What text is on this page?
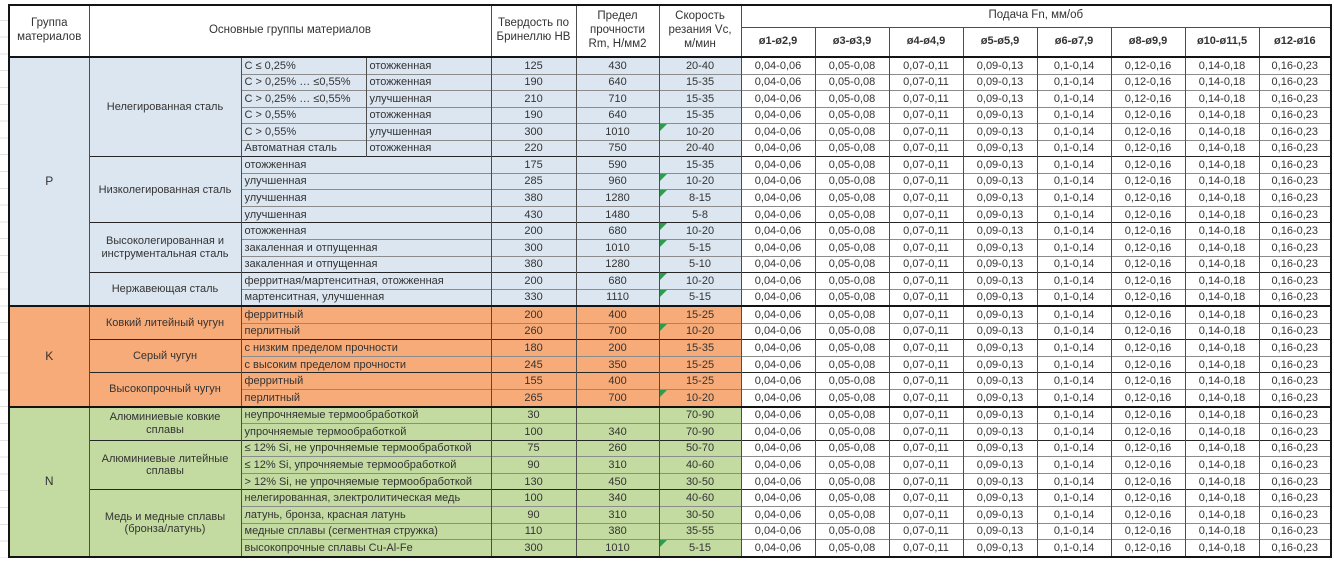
Группа материалов	Основные группы материалов			Твердость по Бринеллю HB	Предел прочности Rm, Н/мм2	Скорость резания Vc, м/мин	Подача Fn, мм/об							
							ø1-ø2,9	ø3-ø3,9	ø4-ø4,9	ø5-ø5,9	ø6-ø7,9	ø8-ø9,9	ø10-ø11,5	ø12-ø16
P	Нелегированная сталь	C ≤ 0,25%	отожженная	125	430	20-40	0,04-0,06	0,05-0,08	0,07-0,11	0,09-0,13	0,1-0,14	0,12-0,16	0,14-0,18	0,16-0,23
		C > 0,25% … ≤0,55%	отожженная	190	640	15-35	0,04-0,06	0,05-0,08	0,07-0,11	0,09-0,13	0,1-0,14	0,12-0,16	0,14-0,18	0,16-0,23
		C > 0,25% … ≤0,55%	улучшенная	210	710	15-35	0,04-0,06	0,05-0,08	0,07-0,11	0,09-0,13	0,1-0,14	0,12-0,16	0,14-0,18	0,16-0,23
		C > 0,55%	отожженная	190	640	15-35	0,04-0,06	0,05-0,08	0,07-0,11	0,09-0,13	0,1-0,14	0,12-0,16	0,14-0,18	0,16-0,23
		C > 0,55%	улучшенная	300	1010	10-20	0,04-0,06	0,05-0,08	0,07-0,11	0,09-0,13	0,1-0,14	0,12-0,16	0,14-0,18	0,16-0,23
		Автоматная сталь	отожженная	220	750	20-40	0,04-0,06	0,05-0,08	0,07-0,11	0,09-0,13	0,1-0,14	0,12-0,16	0,14-0,18	0,16-0,23
	Низколегированная сталь	отожженная		175	590	15-35	0,04-0,06	0,05-0,08	0,07-0,11	0,09-0,13	0,1-0,14	0,12-0,16	0,14-0,18	0,16-0,23
		улучшенная		285	960	10-20	0,04-0,06	0,05-0,08	0,07-0,11	0,09-0,13	0,1-0,14	0,12-0,16	0,14-0,18	0,16-0,23
		улучшенная		380	1280	8-15	0,04-0,06	0,05-0,08	0,07-0,11	0,09-0,13	0,1-0,14	0,12-0,16	0,14-0,18	0,16-0,23
		улучшенная		430	1480	5-8	0,04-0,06	0,05-0,08	0,07-0,11	0,09-0,13	0,1-0,14	0,12-0,16	0,14-0,18	0,16-0,23
	Высоколегированная и инструментальная сталь	отожженная		200	680	10-20	0,04-0,06	0,05-0,08	0,07-0,11	0,09-0,13	0,1-0,14	0,12-0,16	0,14-0,18	0,16-0,23
		закаленная и отпущенная		300	1010	5-15	0,04-0,06	0,05-0,08	0,07-0,11	0,09-0,13	0,1-0,14	0,12-0,16	0,14-0,18	0,16-0,23
		закаленная и отпущенная		380	1280	5-10	0,04-0,06	0,05-0,08	0,07-0,11	0,09-0,13	0,1-0,14	0,12-0,16	0,14-0,18	0,16-0,23
	Нержавеющая сталь	ферритная/мартенситная, отожженная		200	680	10-20	0,04-0,06	0,05-0,08	0,07-0,11	0,09-0,13	0,1-0,14	0,12-0,16	0,14-0,18	0,16-0,23
		мартенситная, улучшенная		330	1110	5-15	0,04-0,06	0,05-0,08	0,07-0,11	0,09-0,13	0,1-0,14	0,12-0,16	0,14-0,18	0,16-0,23
K	Ковкий литейный чугун	ферритный		200	400	15-25	0,04-0,06	0,05-0,08	0,07-0,11	0,09-0,13	0,1-0,14	0,12-0,16	0,14-0,18	0,16-0,23
		перлитный		260	700	10-20	0,04-0,06	0,05-0,08	0,07-0,11	0,09-0,13	0,1-0,14	0,12-0,16	0,14-0,18	0,16-0,23
	Серый чугун	с низким пределом прочности		180	200	15-35	0,04-0,06	0,05-0,08	0,07-0,11	0,09-0,13	0,1-0,14	0,12-0,16	0,14-0,18	0,16-0,23
		с высоким пределом прочности		245	350	15-25	0,04-0,06	0,05-0,08	0,07-0,11	0,09-0,13	0,1-0,14	0,12-0,16	0,14-0,18	0,16-0,23
	Высокопрочный чугун	ферритный		155	400	15-25	0,04-0,06	0,05-0,08	0,07-0,11	0,09-0,13	0,1-0,14	0,12-0,16	0,14-0,18	0,16-0,23
		перлитный		265	700	10-20	0,04-0,06	0,05-0,08	0,07-0,11	0,09-0,13	0,1-0,14	0,12-0,16	0,14-0,18	0,16-0,23
N	Алюминиевые ковкие сплавы	неупрочняемые термообработкой		30		70-90	0,04-0,06	0,05-0,08	0,07-0,11	0,09-0,13	0,1-0,14	0,12-0,16	0,14-0,18	0,16-0,23
		упрочняемые термообработкой		100	340	70-90	0,04-0,06	0,05-0,08	0,07-0,11	0,09-0,13	0,1-0,14	0,12-0,16	0,14-0,18	0,16-0,23
	Алюминиевые литейные сплавы	≤ 12% Si, не упрочняемые термообработкой		75	260	50-70	0,04-0,06	0,05-0,08	0,07-0,11	0,09-0,13	0,1-0,14	0,12-0,16	0,14-0,18	0,16-0,23
		≤ 12% Si, упрочняемые термообработкой		90	310	40-60	0,04-0,06	0,05-0,08	0,07-0,11	0,09-0,13	0,1-0,14	0,12-0,16	0,14-0,18	0,16-0,23
		> 12% Si, не упрочняемые термообработкой		130	450	30-50	0,04-0,06	0,05-0,08	0,07-0,11	0,09-0,13	0,1-0,14	0,12-0,16	0,14-0,18	0,16-0,23
	Медь и медные сплавы (бронза/латунь)	нелегированная, электролитическая медь		100	340	40-60	0,04-0,06	0,05-0,08	0,07-0,11	0,09-0,13	0,1-0,14	0,12-0,16	0,14-0,18	0,16-0,23
		латунь, бронза, красная латунь		90	310	30-50	0,04-0,06	0,05-0,08	0,07-0,11	0,09-0,13	0,1-0,14	0,12-0,16	0,14-0,18	0,16-0,23
		медные сплавы (сегментная стружка)		110	380	35-55	0,04-0,06	0,05-0,08	0,07-0,11	0,09-0,13	0,1-0,14	0,12-0,16	0,14-0,18	0,16-0,23
		высокопрочные сплавы Cu-Al-Fe		300	1010	5-15	0,04-0,06	0,05-0,08	0,07-0,11	0,09-0,13	0,1-0,14	0,12-0,16	0,14-0,18	0,16-0,23
